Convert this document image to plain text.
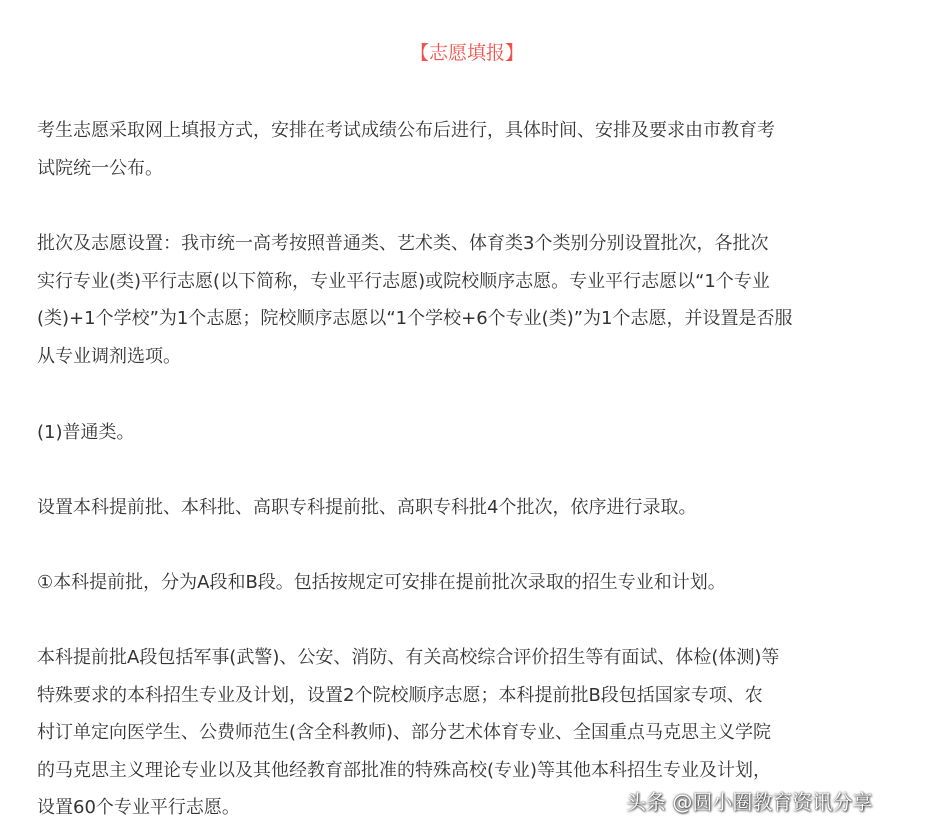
【志愿填报】
考生志愿采取网上填报方式，安排在考试成绩公布后进行，具体时间、安排及要求由市教育考
试院统一公布。
批次及志愿设置：我市统一高考按照普通类、艺术类、体育类3个类别分别设置批次，各批次
实行专业(类)平行志愿(以下简称，专业平行志愿)或院校顺序志愿。专业平行志愿以“1个专业
(类)+1个学校”为1个志愿；院校顺序志愿以“1个学校+6个专业(类)”为1个志愿，并设置是否服
从专业调剂选项。
(1)普通类。
设置本科提前批、本科批、高职专科提前批、高职专科批4个批次，依序进行录取。
①本科提前批，分为A段和B段。包括按规定可安排在提前批次录取的招生专业和计划。
本科提前批A段包括军事(武警)、公安、消防、有关高校综合评价招生等有面试、体检(体测)等
特殊要求的本科招生专业及计划，设置2个院校顺序志愿；本科提前批B段包括国家专项、农
村订单定向医学生、公费师范生(含全科教师)、部分艺术体育专业、全国重点马克思主义学院
的马克思主义理论专业以及其他经教育部批准的特殊高校(专业)等其他本科招生专业及计划，
设置60个专业平行志愿。	头条 @圆小圈教育资讯分享
